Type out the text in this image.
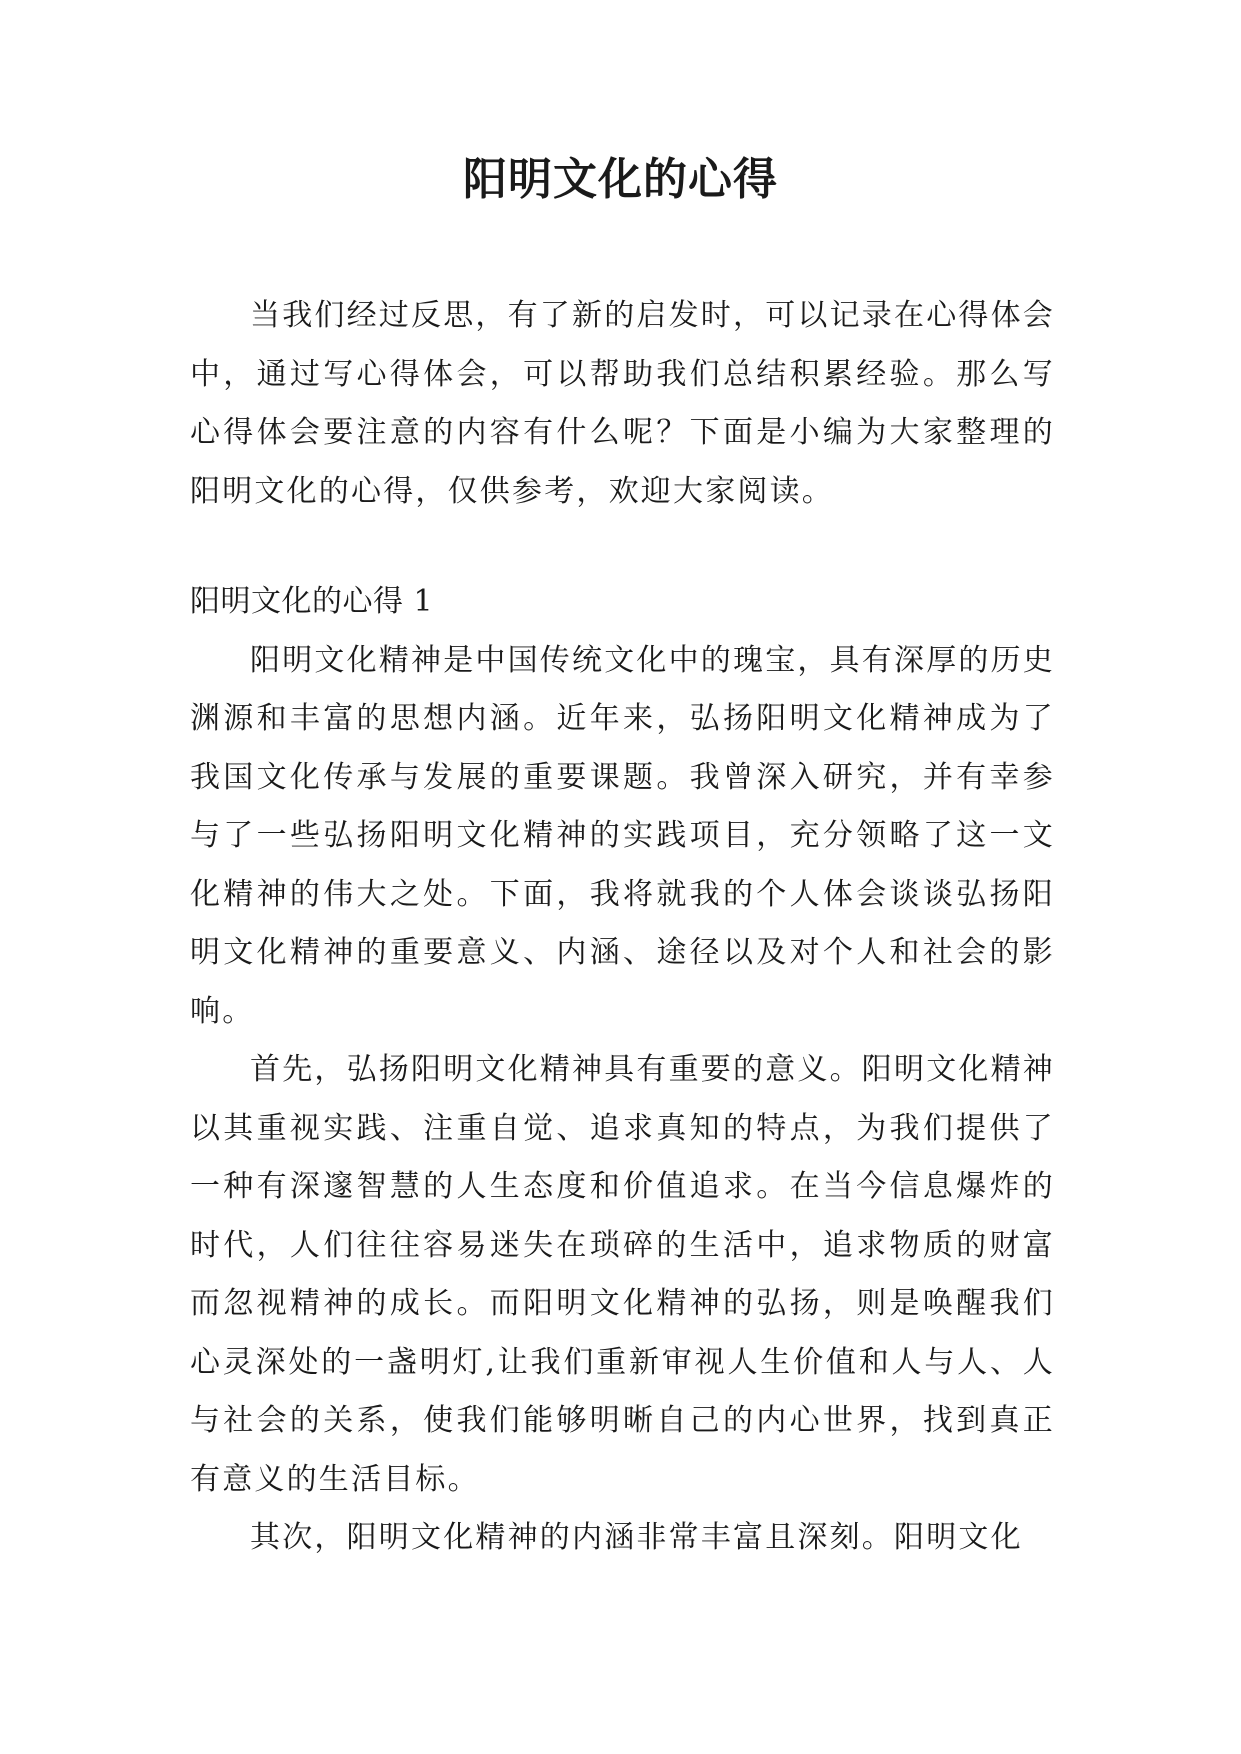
阳明文化的心得

当我们经过反思，有了新的启发时，可以记录在心得体会中，通过写心得体会，可以帮助我们总结积累经验。那么写心得体会要注意的内容有什么呢？下面是小编为大家整理的阳明文化的心得，仅供参考，欢迎大家阅读。

阳明文化的心得 1

阳明文化精神是中国传统文化中的瑰宝，具有深厚的历史渊源和丰富的思想内涵。近年来，弘扬阳明文化精神成为了我国文化传承与发展的重要课题。我曾深入研究，并有幸参与了一些弘扬阳明文化精神的实践项目，充分领略了这一文化精神的伟大之处。下面，我将就我的个人体会谈谈弘扬阳明文化精神的重要意义、内涵、途径以及对个人和社会的影响。

首先，弘扬阳明文化精神具有重要的意义。阳明文化精神以其重视实践、注重自觉、追求真知的特点，为我们提供了一种有深邃智慧的人生态度和价值追求。在当今信息爆炸的时代，人们往往容易迷失在琐碎的生活中，追求物质的财富而忽视精神的成长。而阳明文化精神的弘扬，则是唤醒我们心灵深处的一盏明灯,让我们重新审视人生价值和人与人、人与社会的关系，使我们能够明晰自己的内心世界，找到真正有意义的生活目标。

其次，阳明文化精神的内涵非常丰富且深刻。阳明文化
